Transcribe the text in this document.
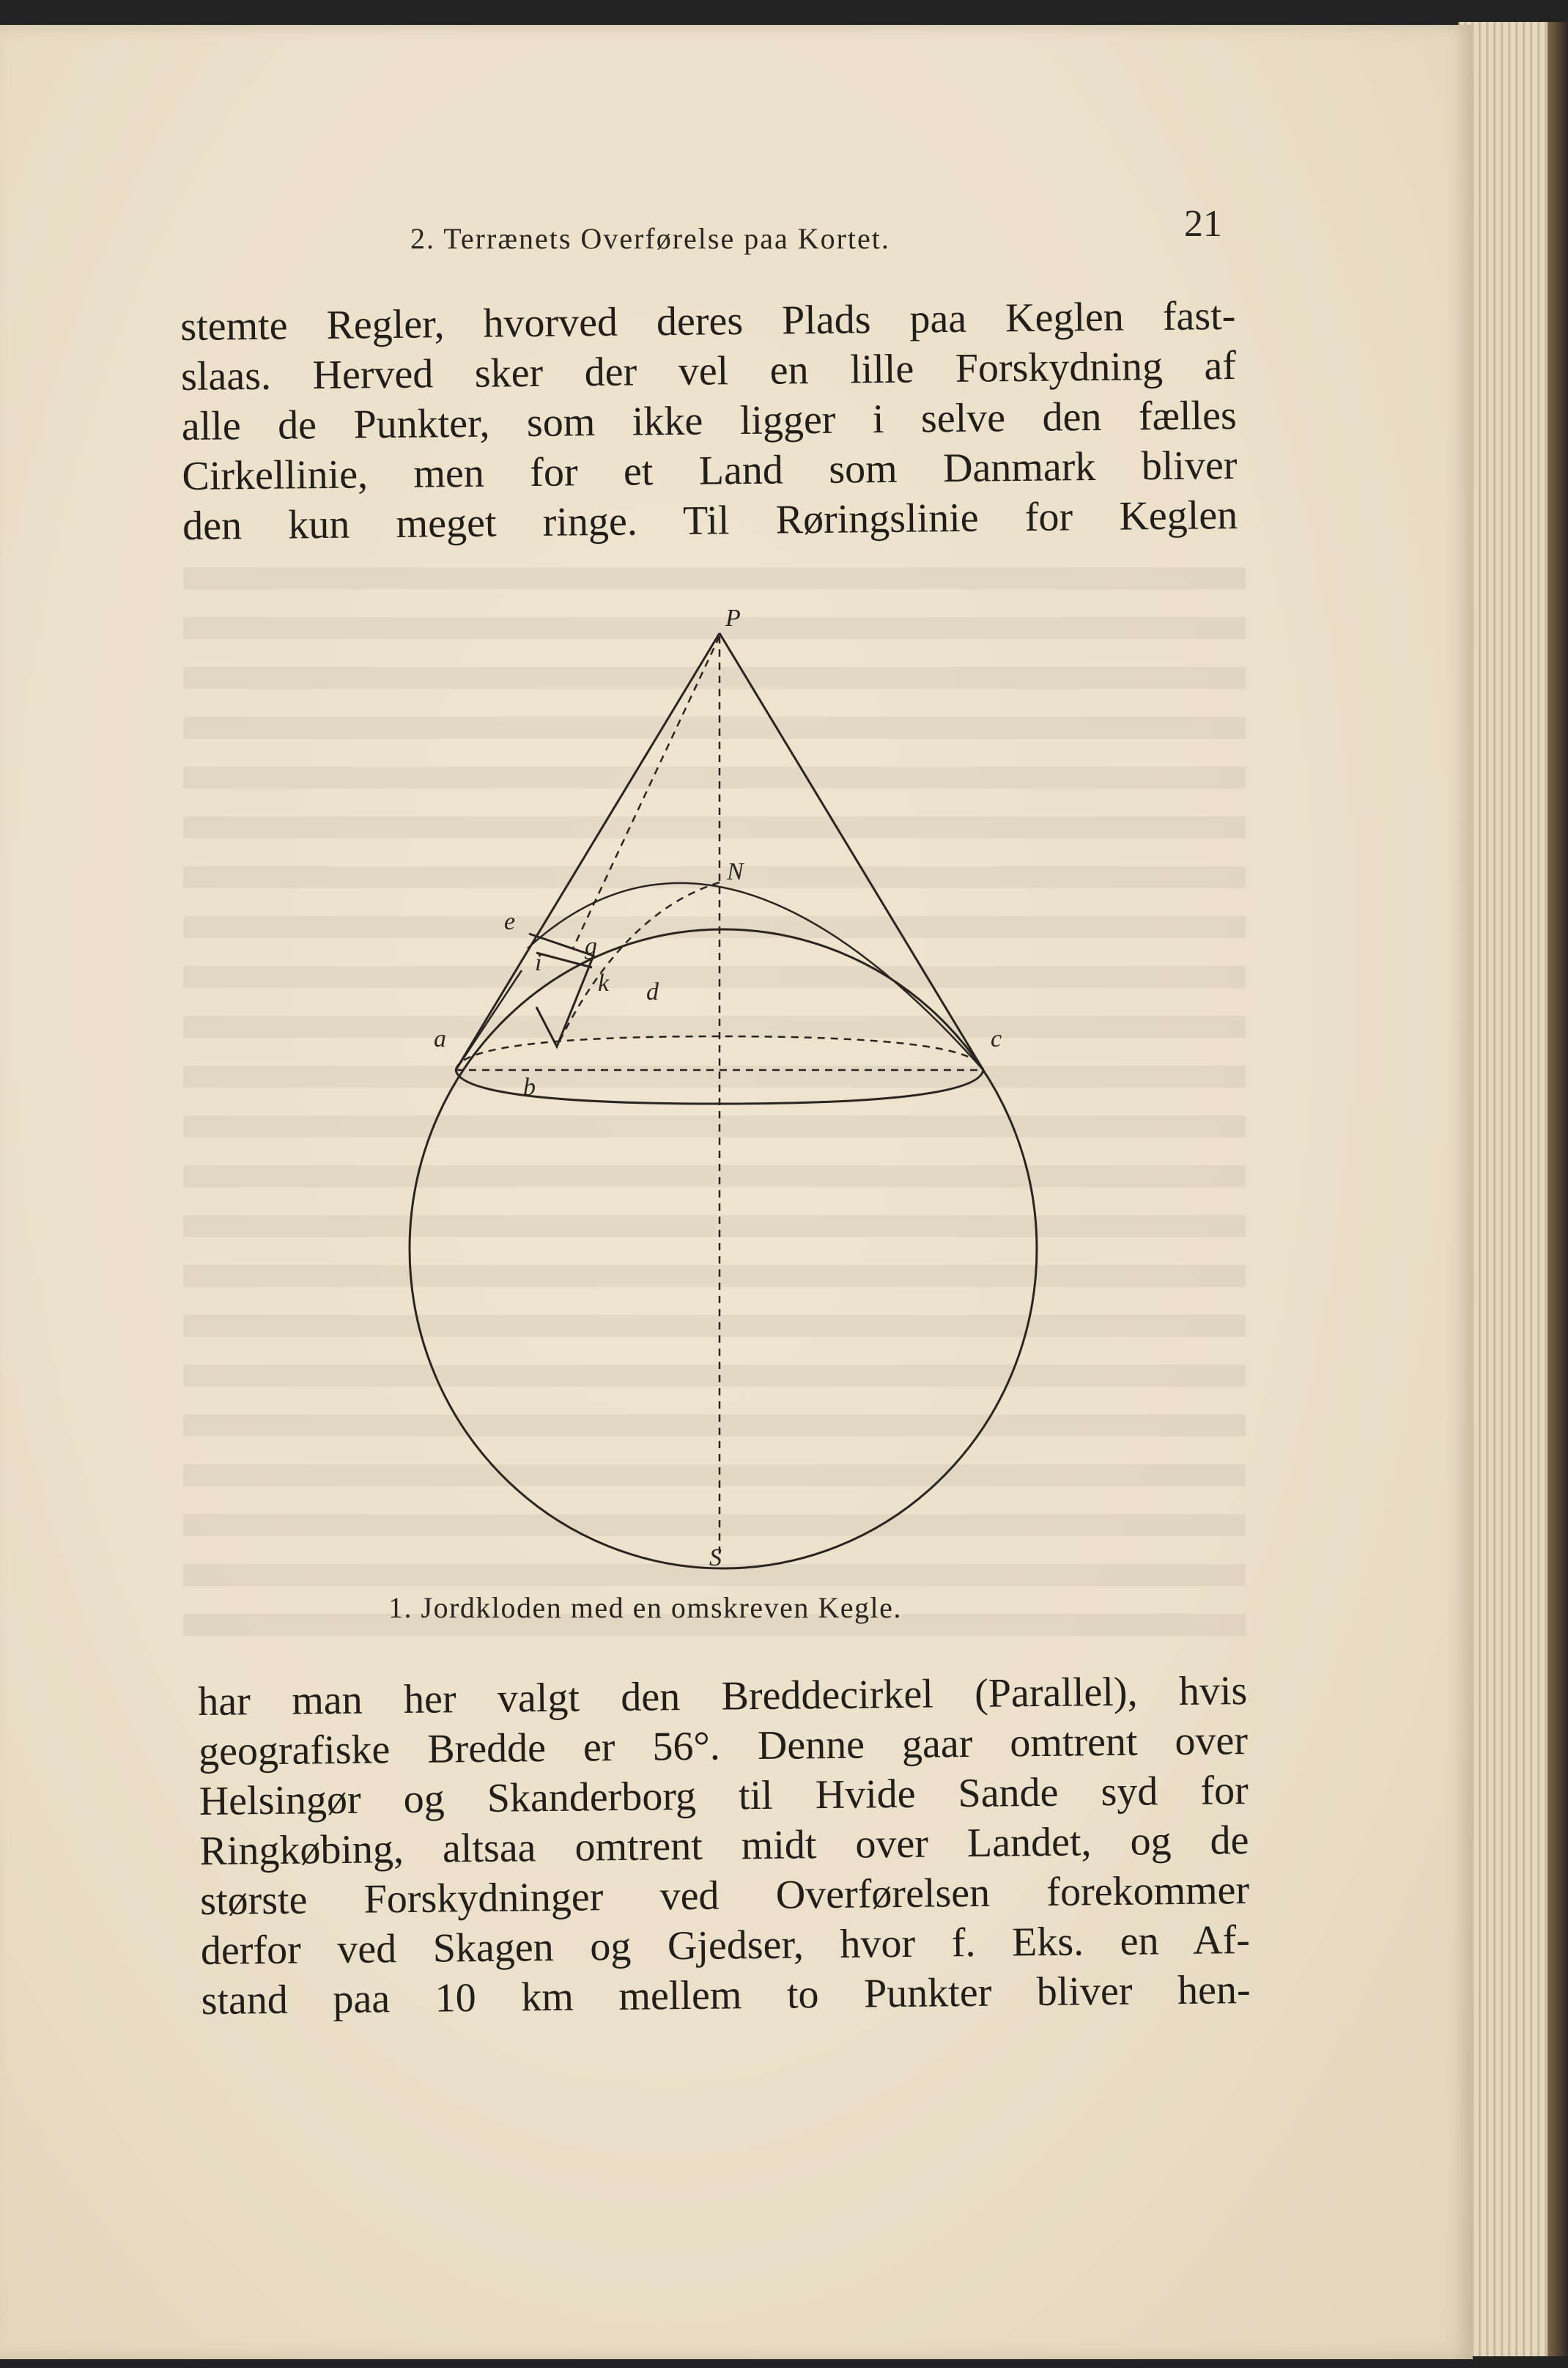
2. Terrænets Overførelse paa Kortet.	21
stemte Regler, hvorved deres Plads paa Keglen fast-
slaas. Herved sker der vel en lille Forskydning af
alle de Punkter, som ikke ligger i selve den fælles
Cirkellinie, men for et Land som Danmark bliver
den kun meget ringe. Til Røringslinie for Keglen
P
N
e
g
i
k d
a	c
b
S
1. Jordkloden med en omskreven Kegle.
har man her valgt den Breddecirkel (Parallel), hvis
geografiske Bredde er 56°. Denne gaar omtrent over
Helsingør og Skanderborg til Hvide Sande syd for
Ringkøbing, altsaa omtrent midt over Landet, og de
største Forskydninger ved Overførelsen forekommer
derfor ved Skagen og Gjedser, hvor f. Eks. en Af-
stand paa 10 km mellem to Punkter bliver hen-
